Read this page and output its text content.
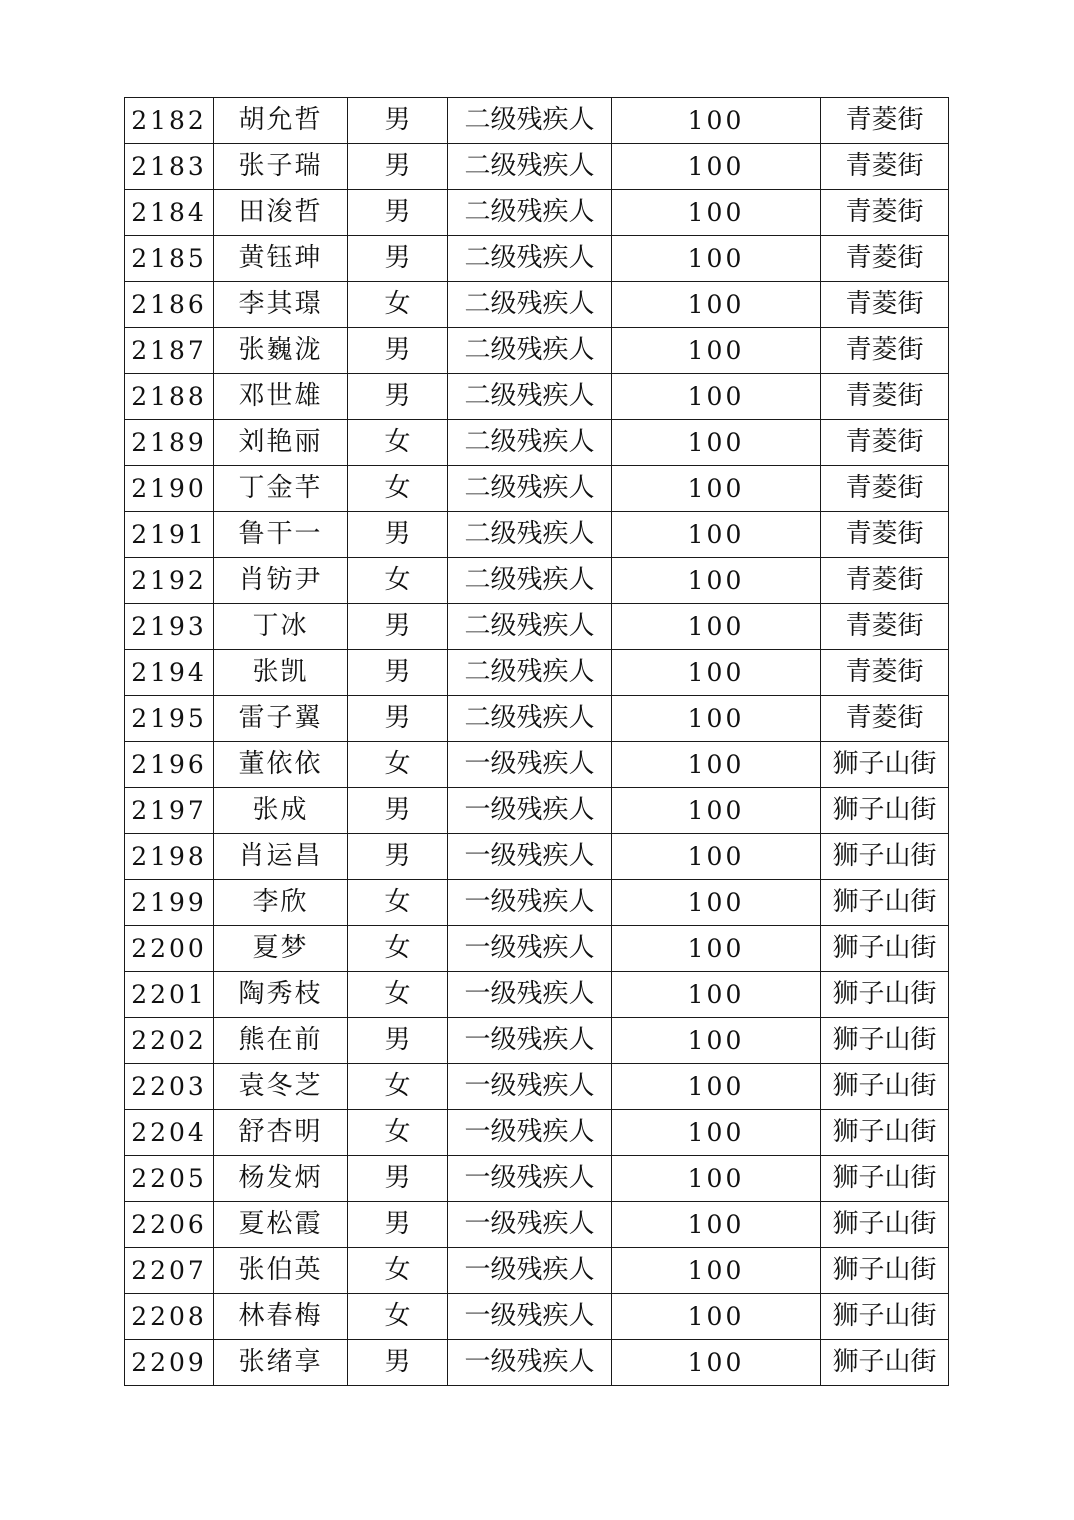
2182	胡允哲	男	二级残疾人	100	青菱街
2183	张子瑞	男	二级残疾人	100	青菱街
2184	田浚哲	男	二级残疾人	100	青菱街
2185	黄钰珅	男	二级残疾人	100	青菱街
2186	李其璟	女	二级残疾人	100	青菱街
2187	张巍泷	男	二级残疾人	100	青菱街
2188	邓世雄	男	二级残疾人	100	青菱街
2189	刘艳丽	女	二级残疾人	100	青菱街
2190	丁金芊	女	二级残疾人	100	青菱街
2191	鲁干一	男	二级残疾人	100	青菱街
2192	肖钫尹	女	二级残疾人	100	青菱街
2193	丁冰	男	二级残疾人	100	青菱街
2194	张凯	男	二级残疾人	100	青菱街
2195	雷子翼	男	二级残疾人	100	青菱街
2196	董依依	女	一级残疾人	100	狮子山街
2197	张成	男	一级残疾人	100	狮子山街
2198	肖运昌	男	一级残疾人	100	狮子山街
2199	李欣	女	一级残疾人	100	狮子山街
2200	夏梦	女	一级残疾人	100	狮子山街
2201	陶秀枝	女	一级残疾人	100	狮子山街
2202	熊在前	男	一级残疾人	100	狮子山街
2203	袁冬芝	女	一级残疾人	100	狮子山街
2204	舒杏明	女	一级残疾人	100	狮子山街
2205	杨发炳	男	一级残疾人	100	狮子山街
2206	夏松霞	男	一级残疾人	100	狮子山街
2207	张伯英	女	一级残疾人	100	狮子山街
2208	林春梅	女	一级残疾人	100	狮子山街
2209	张绪享	男	一级残疾人	100	狮子山街
